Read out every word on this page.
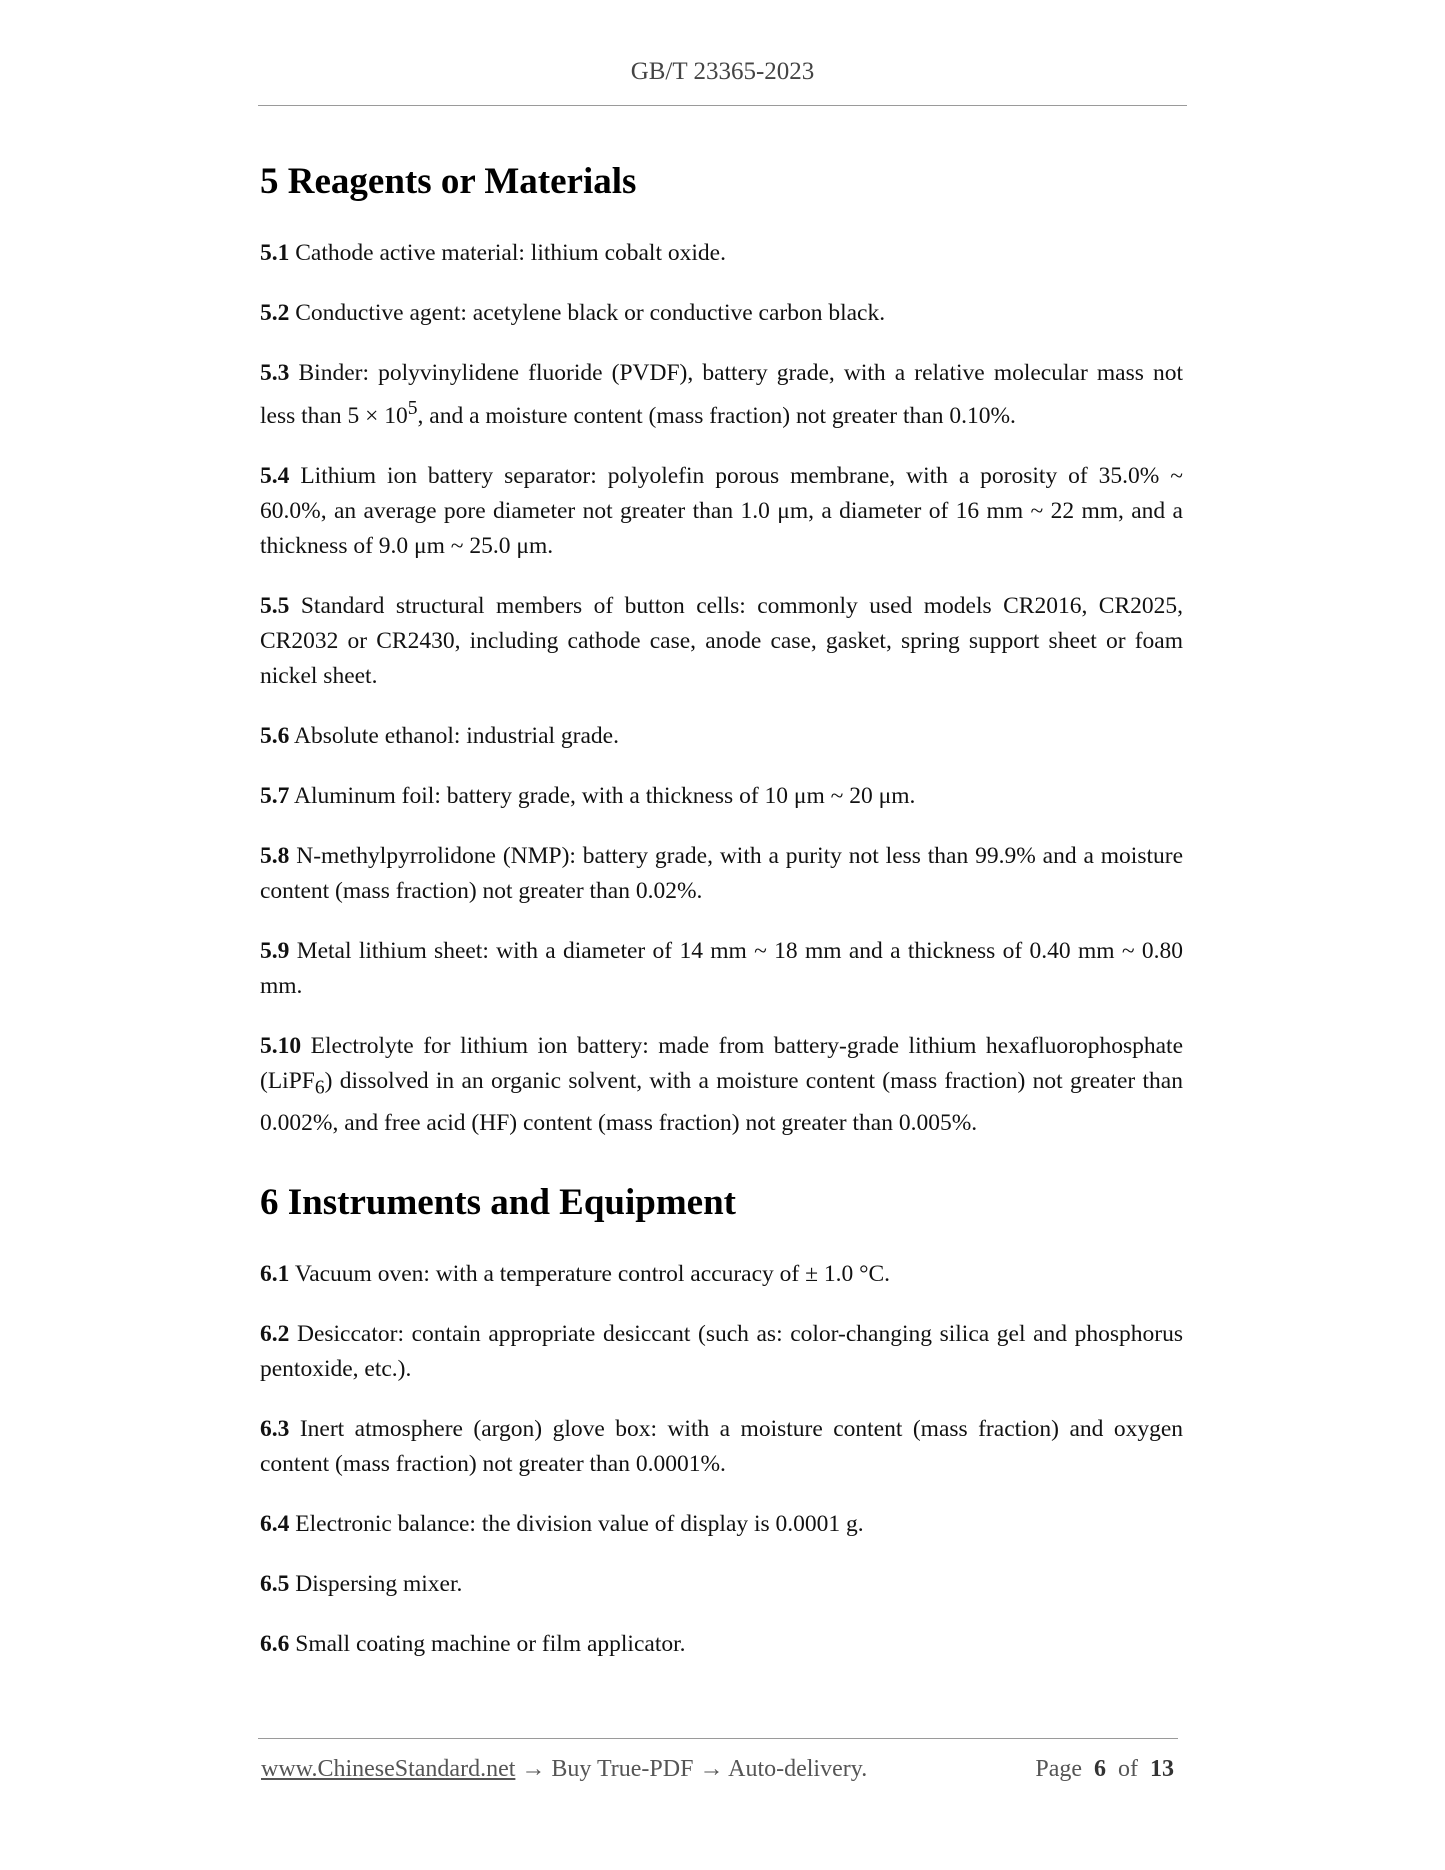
GB/T 23365-2023
5 Reagents or Materials

5.1 Cathode active material: lithium cobalt oxide.

5.2 Conductive agent: acetylene black or conductive carbon black.

5.3 Binder: polyvinylidene fluoride (PVDF), battery grade, with a relative molecular mass not less than $5 \times 10^5$, and a moisture content (mass fraction) not greater than 0.10%.

5.4 Lithium ion battery separator: polyolefin porous membrane, with a porosity of 35.0% ~ 60.0%, an average pore diameter not greater than 1.0 μm, a diameter of 16 mm ~ 22 mm, and a thickness of 9.0 μm ~ 25.0 μm.

5.5 Standard structural members of button cells: commonly used models CR2016, CR2025, CR2032 or CR2430, including cathode case, anode case, gasket, spring support sheet or foam nickel sheet.

5.6 Absolute ethanol: industrial grade.

5.7 Aluminum foil: battery grade, with a thickness of 10 μm ~ 20 μm.

5.8 N-methylpyrrolidone (NMP): battery grade, with a purity not less than 99.9% and a moisture content (mass fraction) not greater than 0.02%.

5.9 Metal lithium sheet: with a diameter of 14 mm ~ 18 mm and a thickness of 0.40 mm ~ 0.80 mm.

5.10 Electrolyte for lithium ion battery: made from battery-grade lithium hexafluorophosphate (LiPF$_6$) dissolved in an organic solvent, with a moisture content (mass fraction) not greater than 0.002%, and free acid (HF) content (mass fraction) not greater than 0.005%.

6 Instruments and Equipment

6.1 Vacuum oven: with a temperature control accuracy of ± 1.0 °C.

6.2 Desiccator: contain appropriate desiccant (such as: color-changing silica gel and phosphorus pentoxide, etc.).

6.3 Inert atmosphere (argon) glove box: with a moisture content (mass fraction) and oxygen content (mass fraction) not greater than 0.0001%.

6.4 Electronic balance: the division value of display is 0.0001 g.

6.5 Dispersing mixer.

6.6 Small coating machine or film applicator.

www.ChineseStandard.net → Buy True-PDF → Auto-delivery.	Page 6 of 13
